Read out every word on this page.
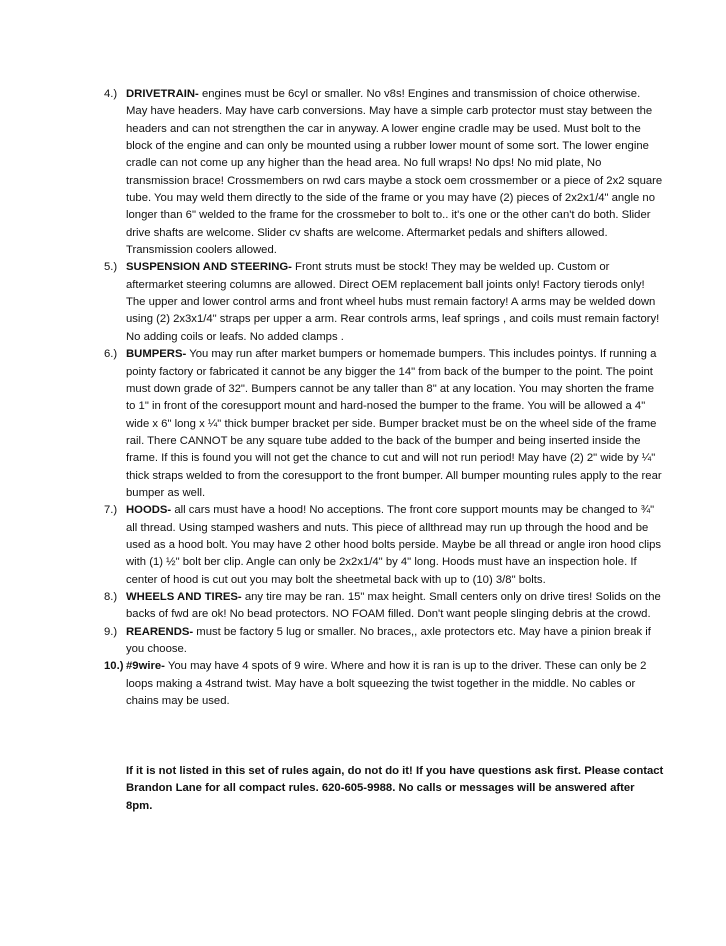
4.) DRIVETRAIN- engines must be 6cyl or smaller. No v8s! Engines and transmission of choice otherwise. May have headers. May have carb conversions. May have a simple carb protector must stay between the headers and can not strengthen the car in anyway. A lower engine cradle may be used. Must bolt to the block of the engine and can only be mounted using a rubber lower mount of some sort. The lower engine cradle can not come up any higher than the head area. No full wraps! No dps! No mid plate, No transmission brace! Crossmembers on rwd cars maybe a stock oem crossmember or a piece of 2x2 square tube. You may weld them directly to the side of the frame or you may have (2) pieces of 2x2x1/4" angle no longer than 6" welded to the frame for the crossmeber to bolt to.. it's one or the other can't do both. Slider drive shafts are welcome. Slider cv shafts are welcome. Aftermarket pedals and shifters allowed. Transmission coolers allowed.
5.) SUSPENSION AND STEERING- Front struts must be stock! They may be welded up. Custom or aftermarket steering columns are allowed. Direct OEM replacement ball joints only! Factory tierods only! The upper and lower control arms and front wheel hubs must remain factory! A arms may be welded down using (2) 2x3x1/4" straps per upper a arm. Rear controls arms, leaf springs , and coils must remain factory! No adding coils or leafs. No added clamps .
6.) BUMPERS- You may run after market bumpers or homemade bumpers. This includes pointys. If running a pointy factory or fabricated it cannot be any bigger the 14" from back of the bumper to the point. The point must down grade of 32". Bumpers cannot be any taller than 8" at any location. You may shorten the frame to 1" in front of the coresupport mount and hard-nosed the bumper to the frame. You will be allowed a 4" wide x 6" long x ¼" thick bumper bracket per side. Bumper bracket must be on the wheel side of the frame rail. There CANNOT be any square tube added to the back of the bumper and being inserted inside the frame. If this is found you will not get the chance to cut and will not run period! May have (2) 2" wide by ¼" thick straps welded to from the coresupport to the front bumper. All bumper mounting rules apply to the rear bumper as well.
7.) HOODS- all cars must have a hood! No acceptions. The front core support mounts may be changed to ¾" all thread. Using stamped washers and nuts. This piece of allthread may run up through the hood and be used as a hood bolt. You may have 2 other hood bolts perside. Maybe be all thread or angle iron hood clips with (1) ½" bolt ber clip. Angle can only be 2x2x1/4" by 4" long. Hoods must have an inspection hole. If center of hood is cut out you may bolt the sheetmetal back with up to (10) 3/8" bolts.
8.) WHEELS AND TIRES- any tire may be ran. 15" max height. Small centers only on drive tires! Solids on the backs of fwd are ok! No bead protectors. NO FOAM filled. Don't want people slinging debris at the crowd.
9.) REARENDS- must be factory 5 lug or smaller. No braces,, axle protectors etc. May have a pinion break if you choose.
10.) #9wire- You may have 4 spots of 9 wire. Where and how it is ran is up to the driver. These can only be 2 loops making a 4strand twist. May have a bolt squeezing the twist together in the middle. No cables or chains may be used.

If it is not listed in this set of rules again, do not do it! If you have questions ask first. Please contact Brandon Lane for all compact rules. 620-605-9988. No calls or messages will be answered after 8pm.
